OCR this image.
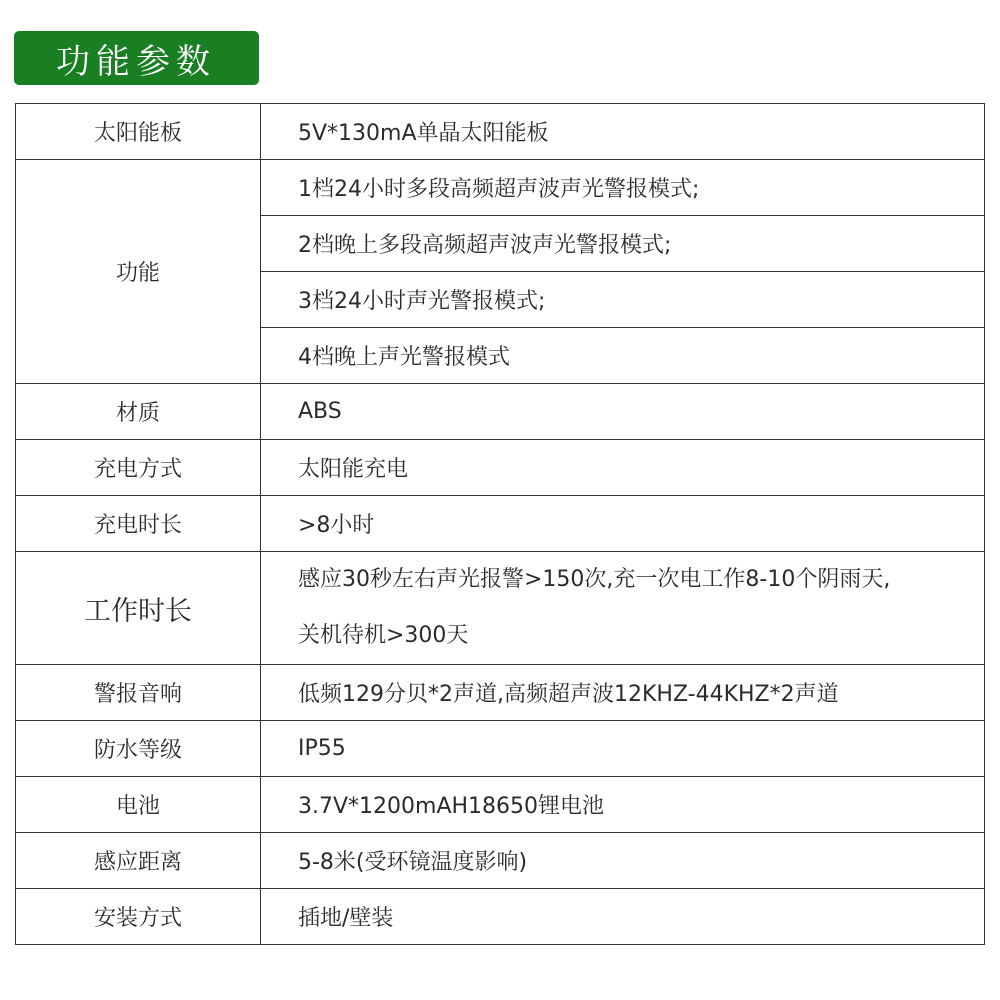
功能参数
太阳能板	5V*130mA单晶太阳能板
功能	1档24小时多段高频超声波声光警报模式;
	2档晚上多段高频超声波声光警报模式;
	3档24小时声光警报模式;
	4档晚上声光警报模式
材质	ABS
充电方式	太阳能充电
充电时长	>8小时
工作时长	感应30秒左右声光报警>150次,充一次电工作8-10个阴雨天,
关机待机>300天

警报音响	低频129分贝*2声道,高频超声波12KHZ-44KHZ*2声道
防水等级	IP55
电池	3.7V*1200mAH18650锂电池
感应距离	5-8米(受环镜温度影响)
安装方式	插地/壁装
